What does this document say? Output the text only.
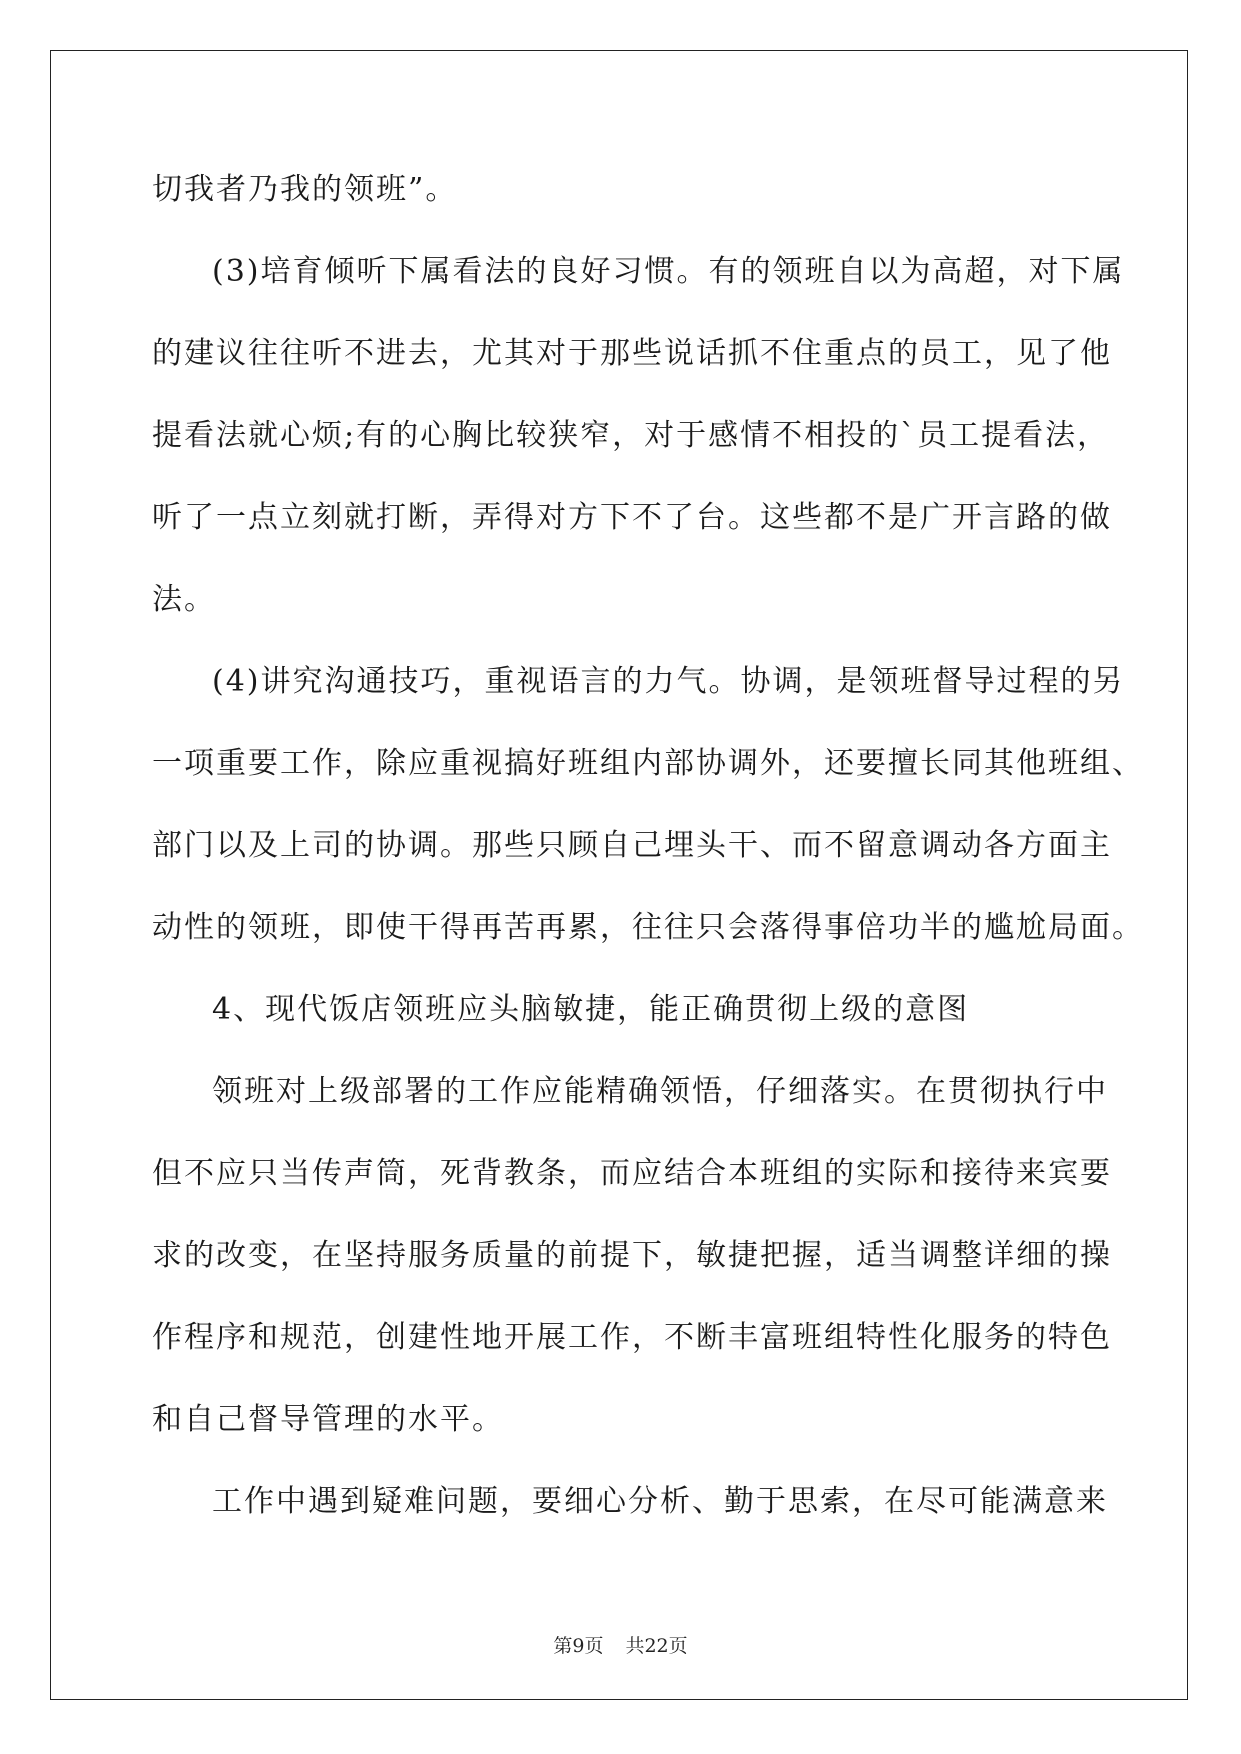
切我者乃我的领班”。
(3)培育倾听下属看法的良好习惯。有的领班自以为高超，对下属
的建议往往听不进去，尤其对于那些说话抓不住重点的员工，见了他
提看法就心烦;有的心胸比较狭窄，对于感情不相投的`员工提看法，
听了一点立刻就打断，弄得对方下不了台。这些都不是广开言路的做
法。
(4)讲究沟通技巧，重视语言的力气。协调，是领班督导过程的另
一项重要工作，除应重视搞好班组内部协调外，还要擅长同其他班组、
部门以及上司的协调。那些只顾自己埋头干、而不留意调动各方面主
动性的领班，即使干得再苦再累，往往只会落得事倍功半的尴尬局面。
4、现代饭店领班应头脑敏捷，能正确贯彻上级的意图
领班对上级部署的工作应能精确领悟，仔细落实。在贯彻执行中
但不应只当传声筒，死背教条，而应结合本班组的实际和接待来宾要
求的改变，在坚持服务质量的前提下，敏捷把握，适当调整详细的操
作程序和规范，创建性地开展工作，不断丰富班组特性化服务的特色
和自己督导管理的水平。
工作中遇到疑难问题，要细心分析、勤于思索，在尽可能满意来
第9页 共22页
